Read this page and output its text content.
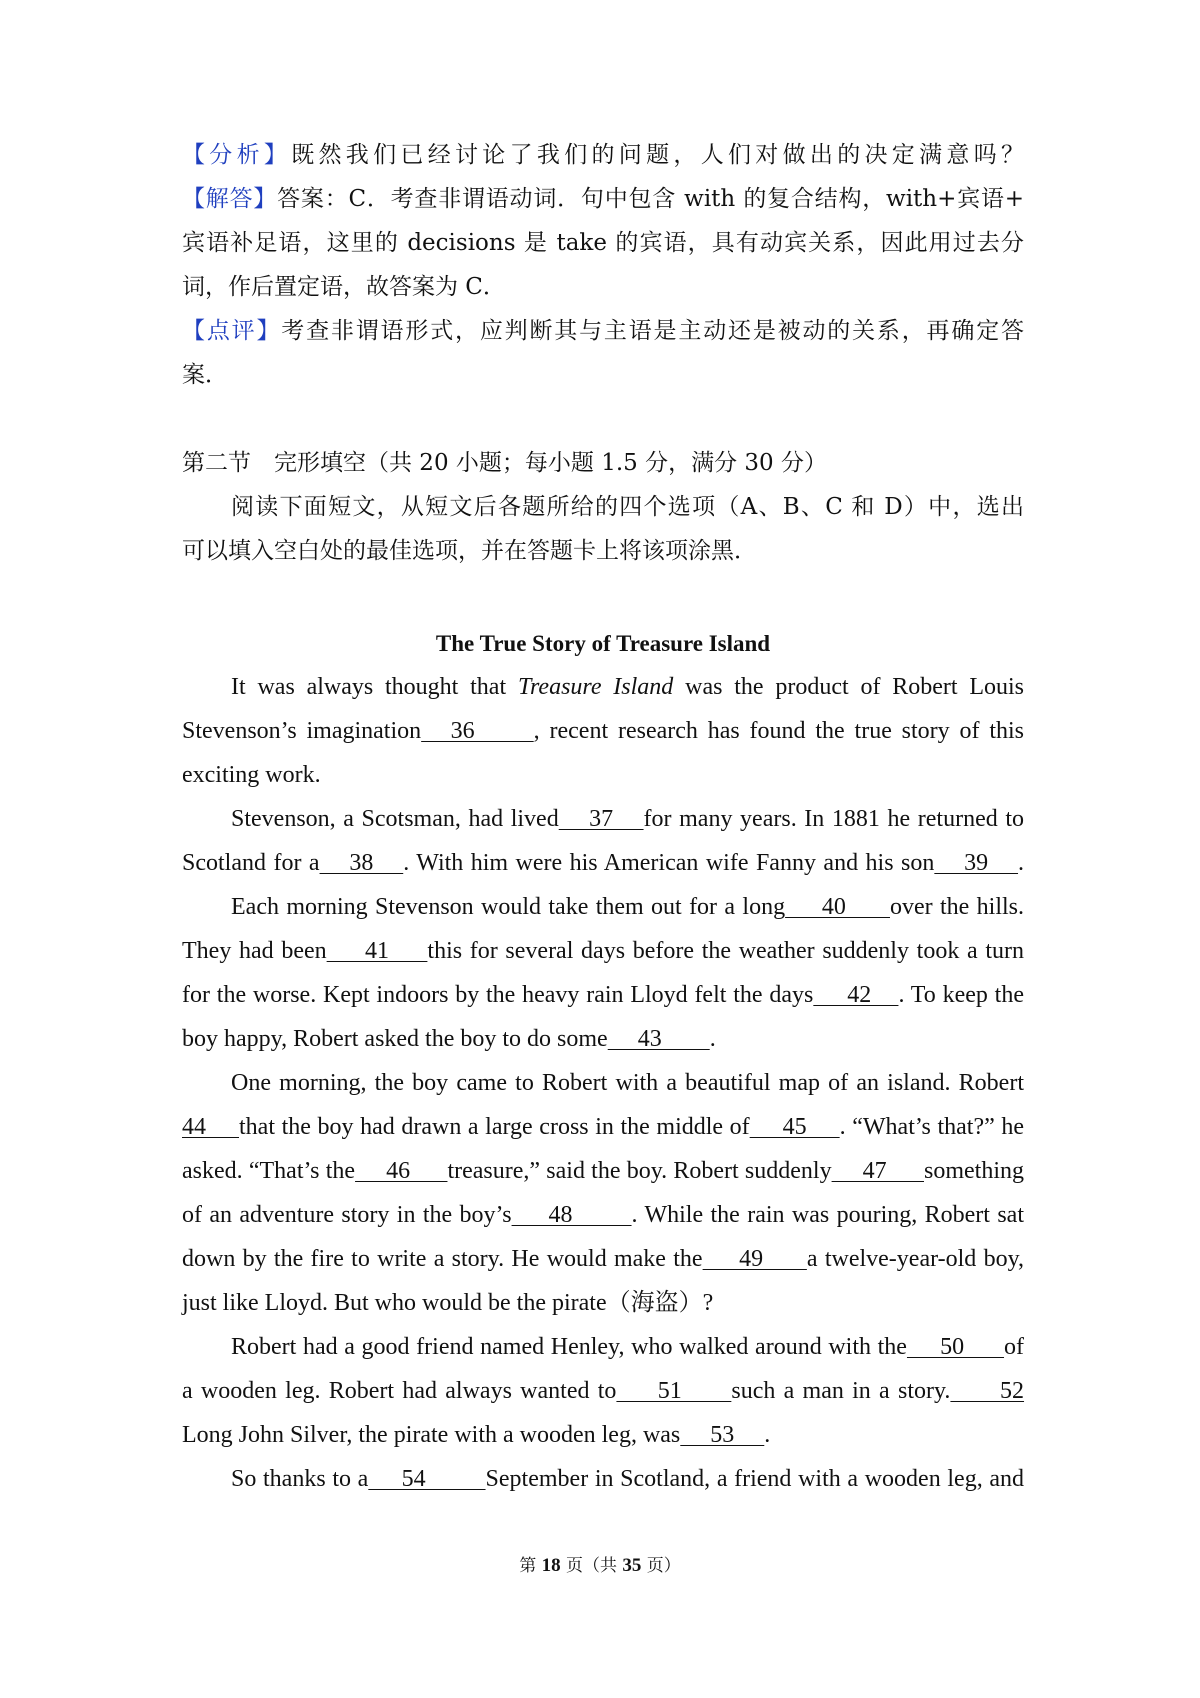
【分析】既然我们已经讨论了我们的问题，人们对做出的决定满意吗？
【解答】答案：C．考查非谓语动词．句中包含 with 的复合结构，with+宾语+
宾语补足语，这里的 decisions 是 take 的宾语，具有动宾关系，因此用过去分
词，作后置定语，故答案为 C．
【点评】考查非谓语形式，应判断其与主语是主动还是被动的关系，再确定答
案．
第二节　完形填空（共 20 小题；每小题 1.5 分，满分 30 分）
阅读下面短文，从短文后各题所给的四个选项（A、B、C 和 D）中，选出
可以填入空白处的最佳选项，并在答题卡上将该项涂黑．
The True Story of Treasure Island
It was always thought that Treasure Island was the product of Robert Louis
Stevenson’s imagination   36      , recent research has found the true story of this
exciting work.
Stevenson, a Scotsman, had lived    37    for many years. In 1881 he returned to
Scotland for a    38    . With him were his American wife Fanny and his son    39    .
Each morning Stevenson would take them out for a long     40      over the hills.
They had been     41     this for several days before the weather suddenly took a turn
for the worse. Kept indoors by the heavy rain Lloyd felt the days     42    . To keep the
boy happy, Robert asked the boy to do some     43        .
One morning, the boy came to Robert with a beautiful map of an island. Robert
44     that the boy had drawn a large cross in the middle of     45     . “What’s that?” he
asked. “That’s the     46      treasure,” said the boy. Robert suddenly     47      something
of an adventure story in the boy’s     48        . While the rain was pouring, Robert sat
down by the fire to write a story. He would make the     49      a twelve-year-old boy,
just like Lloyd. But who would be the pirate（海盗）?
Robert had a good friend named Henley, who walked around with the     50      of
a wooden leg. Robert had always wanted to     51      such a man in a story.      52
Long John Silver, the pirate with a wooden leg, was     53     .
So thanks to a     54         September in Scotland, a friend with a wooden leg, and
第 18 页（共 35 页）
